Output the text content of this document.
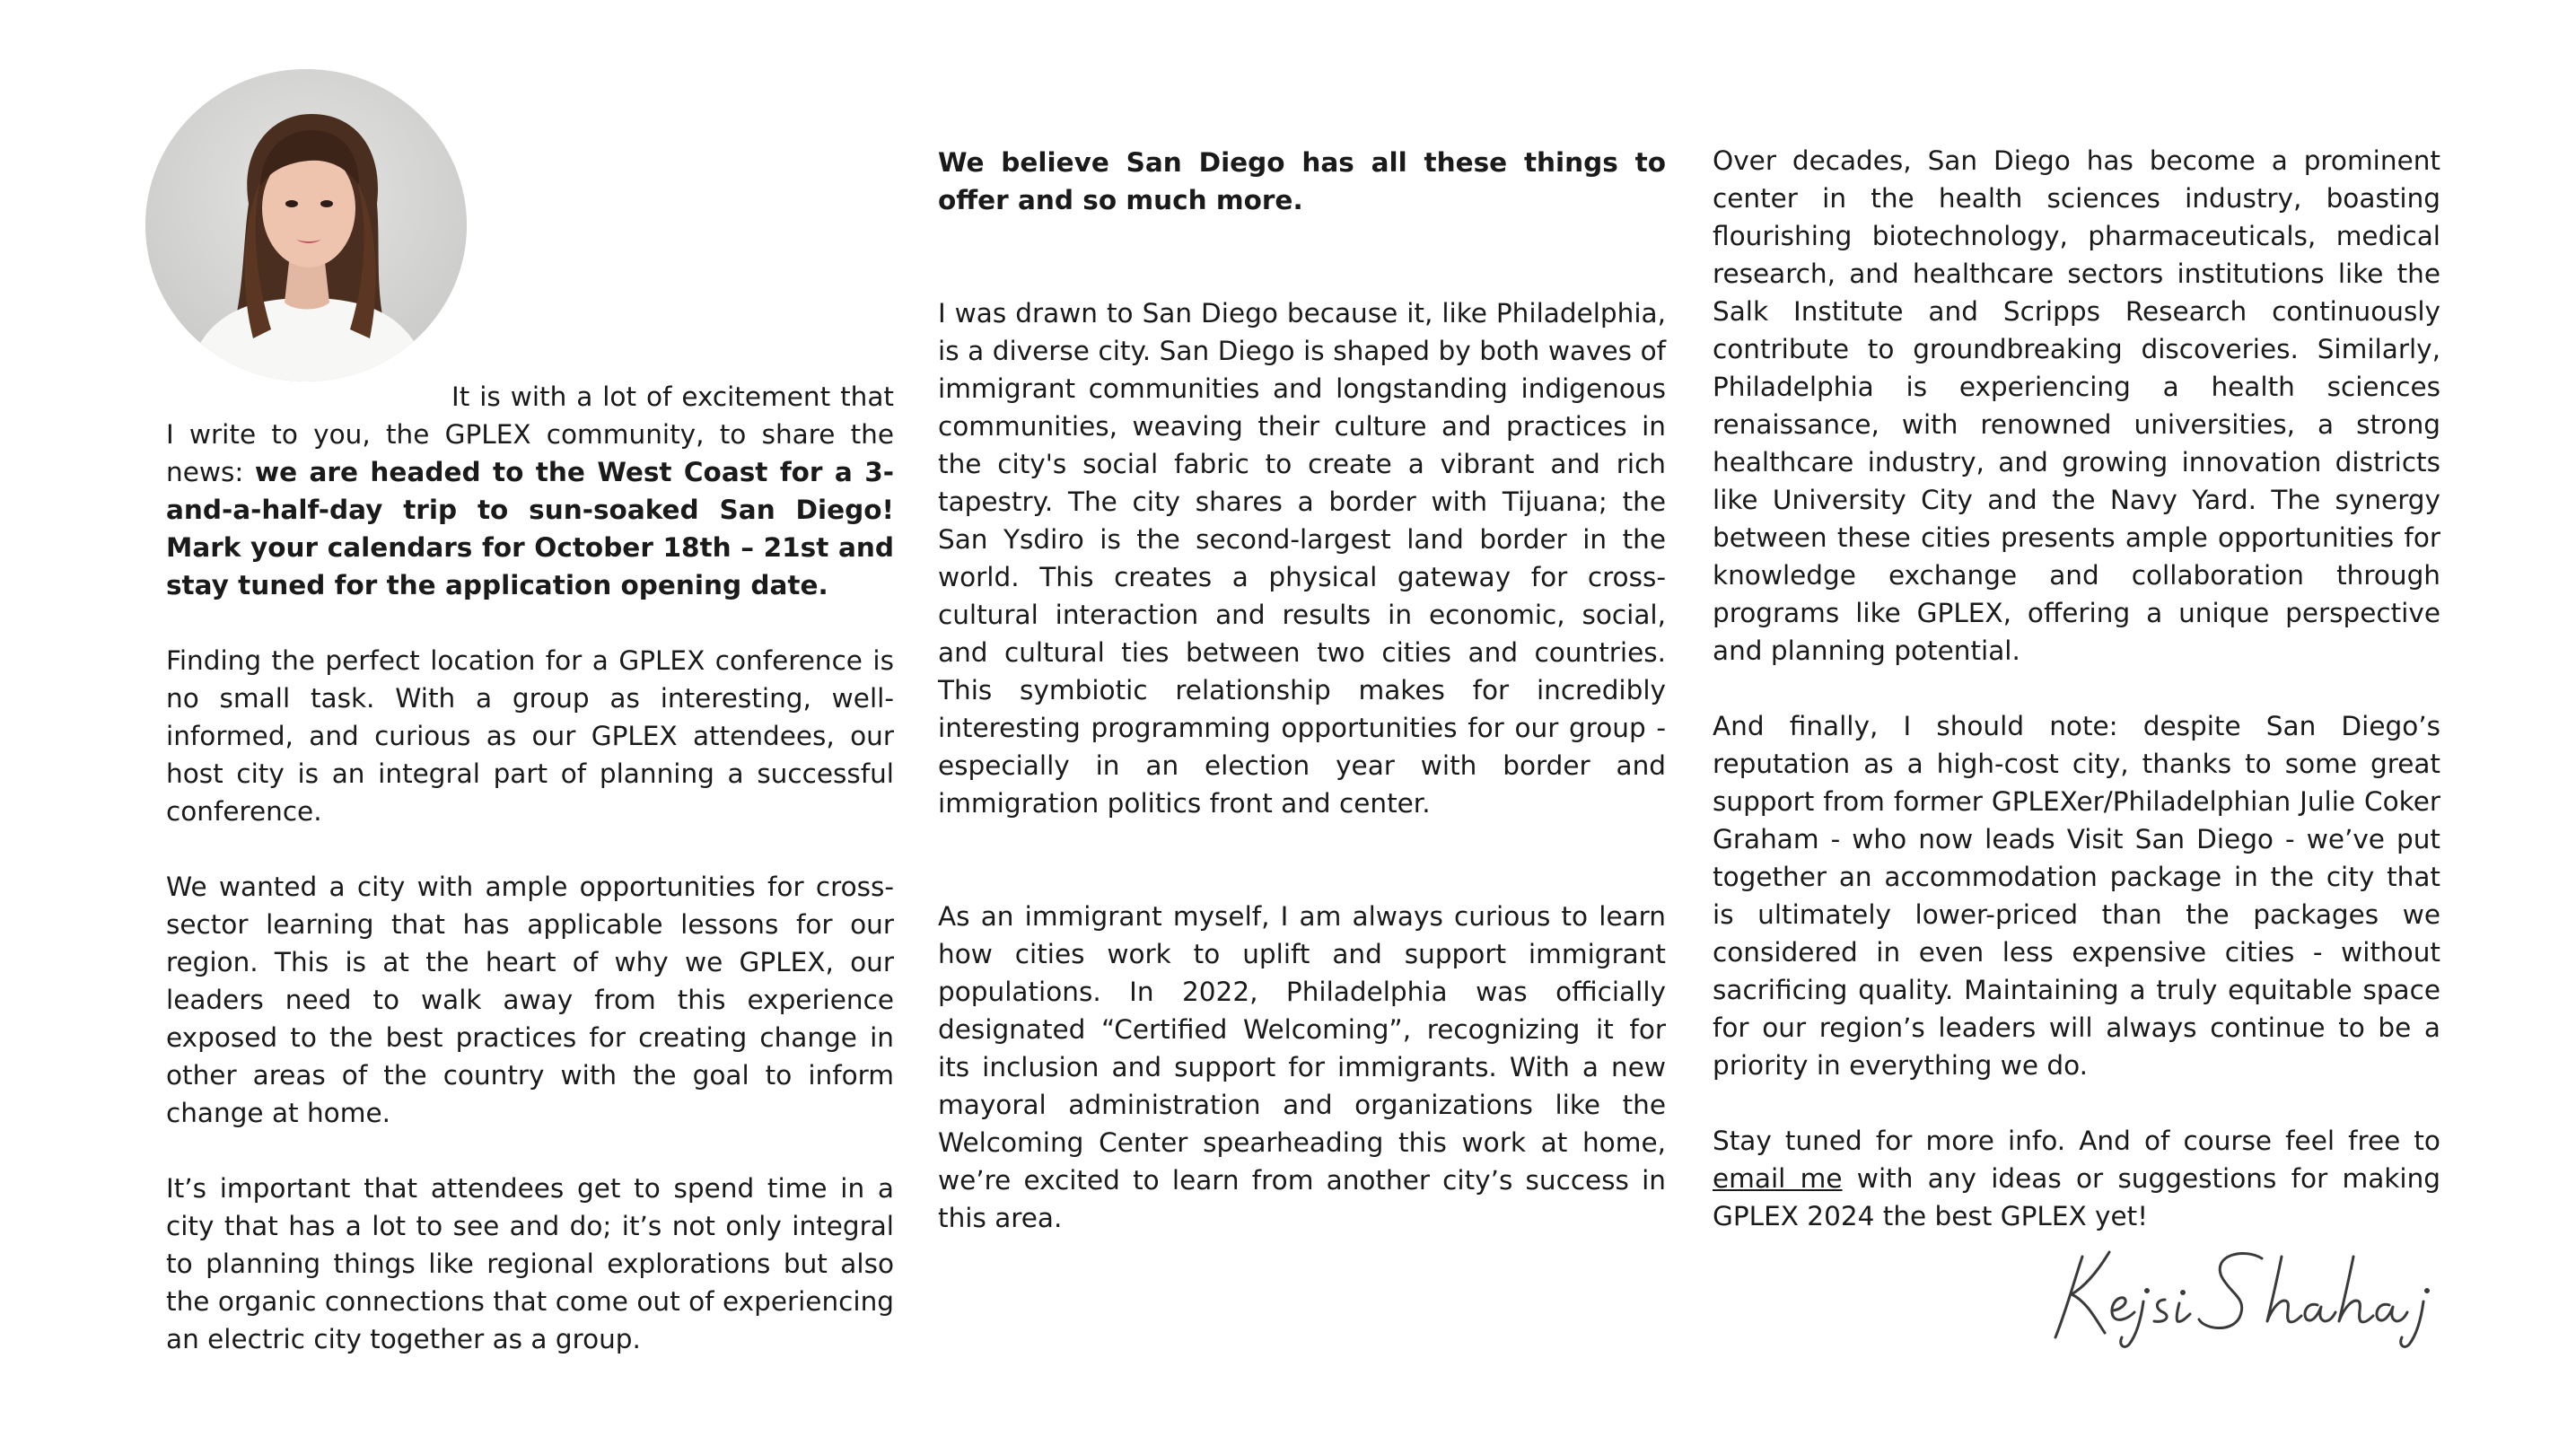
It is with a lot of excitement that I write to you, the GPLEX community, to share the news: we are headed to the West Coast for a 3-and-a-half-day trip to sun-soaked San Diego! Mark your calendars for October 18th – 21st and stay tuned for the application opening date.

Finding the perfect location for a GPLEX conference is no small task. With a group as interesting, well-informed, and curious as our GPLEX attendees, our host city is an integral part of planning a successful conference.

We wanted a city with ample opportunities for cross-sector learning that has applicable lessons for our region. This is at the heart of why we GPLEX, our leaders need to walk away from this experience exposed to the best practices for creating change in other areas of the country with the goal to inform change at home.

It’s important that attendees get to spend time in a city that has a lot to see and do; it’s not only integral to planning things like regional explorations but also the organic connections that come out of experiencing an electric city together as a group.

We believe San Diego has all these things to offer and so much more.

I was drawn to San Diego because it, like Philadelphia, is a diverse city. San Diego is shaped by both waves of immigrant communities and longstanding indigenous communities, weaving their culture and practices in the city's social fabric to create a vibrant and rich tapestry. The city shares a border with Tijuana; the San Ysdiro is the second-largest land border in the world. This creates a physical gateway for cross-cultural interaction and results in economic, social, and cultural ties between two cities and countries. This symbiotic relationship makes for incredibly interesting programming opportunities for our group - especially in an election year with border and immigration politics front and center.

As an immigrant myself, I am always curious to learn how cities work to uplift and support immigrant populations. In 2022, Philadelphia was officially designated “Certified Welcoming”, recognizing it for its inclusion and support for immigrants. With a new mayoral administration and organizations like the Welcoming Center spearheading this work at home, we’re excited to learn from another city’s success in this area.

Over decades, San Diego has become a prominent center in the health sciences industry, boasting flourishing biotechnology, pharmaceuticals, medical research, and healthcare sectors institutions like the Salk Institute and Scripps Research continuously contribute to groundbreaking discoveries. Similarly, Philadelphia is experiencing a health sciences renaissance, with renowned universities, a strong healthcare industry, and growing innovation districts like University City and the Navy Yard. The synergy between these cities presents ample opportunities for knowledge exchange and collaboration through programs like GPLEX, offering a unique perspective and planning potential.

And finally, I should note: despite San Diego’s reputation as a high-cost city, thanks to some great support from former GPLEXer/Philadelphian Julie Coker Graham - who now leads Visit San Diego - we’ve put together an accommodation package in the city that is ultimately lower-priced than the packages we considered in even less expensive cities - without sacrificing quality. Maintaining a truly equitable space for our region’s leaders will always continue to be a priority in everything we do.

Stay tuned for more info. And of course feel free to email me with any ideas or suggestions for making GPLEX 2024 the best GPLEX yet!
